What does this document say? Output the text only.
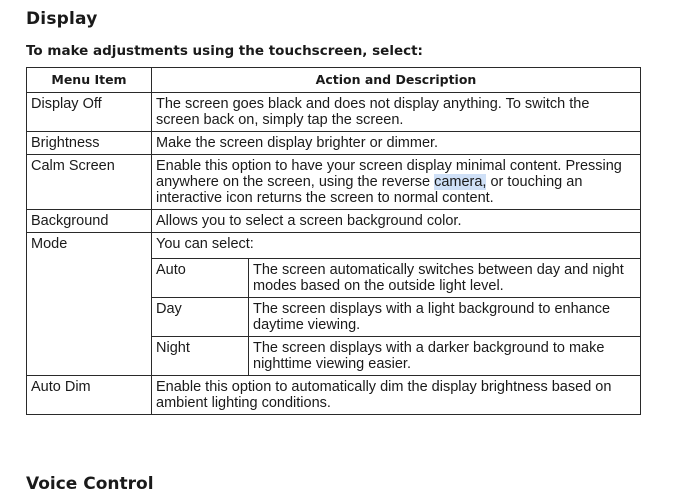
Display
To make adjustments using the touchscreen, select:
Menu Item	Action and Description
Display Off	The screen goes black and does not display anything. To switch the screen back on, simply tap the screen.
Brightness	Make the screen display brighter or dimmer.
Calm Screen	Enable this option to have your screen display minimal content. Pressing anywhere on the screen, using the reverse camera, or touching an interactive icon returns the screen to normal content.
Background	Allows you to select a screen background color.
Mode	You can select:
Auto	The screen automatically switches between day and night modes based on the outside light level.
Day	The screen displays with a light background to enhance daytime viewing.
Night	The screen displays with a darker background to make nighttime viewing easier.

Auto Dim	Enable this option to automatically dim the display brightness based on ambient lighting conditions.
Voice Control
